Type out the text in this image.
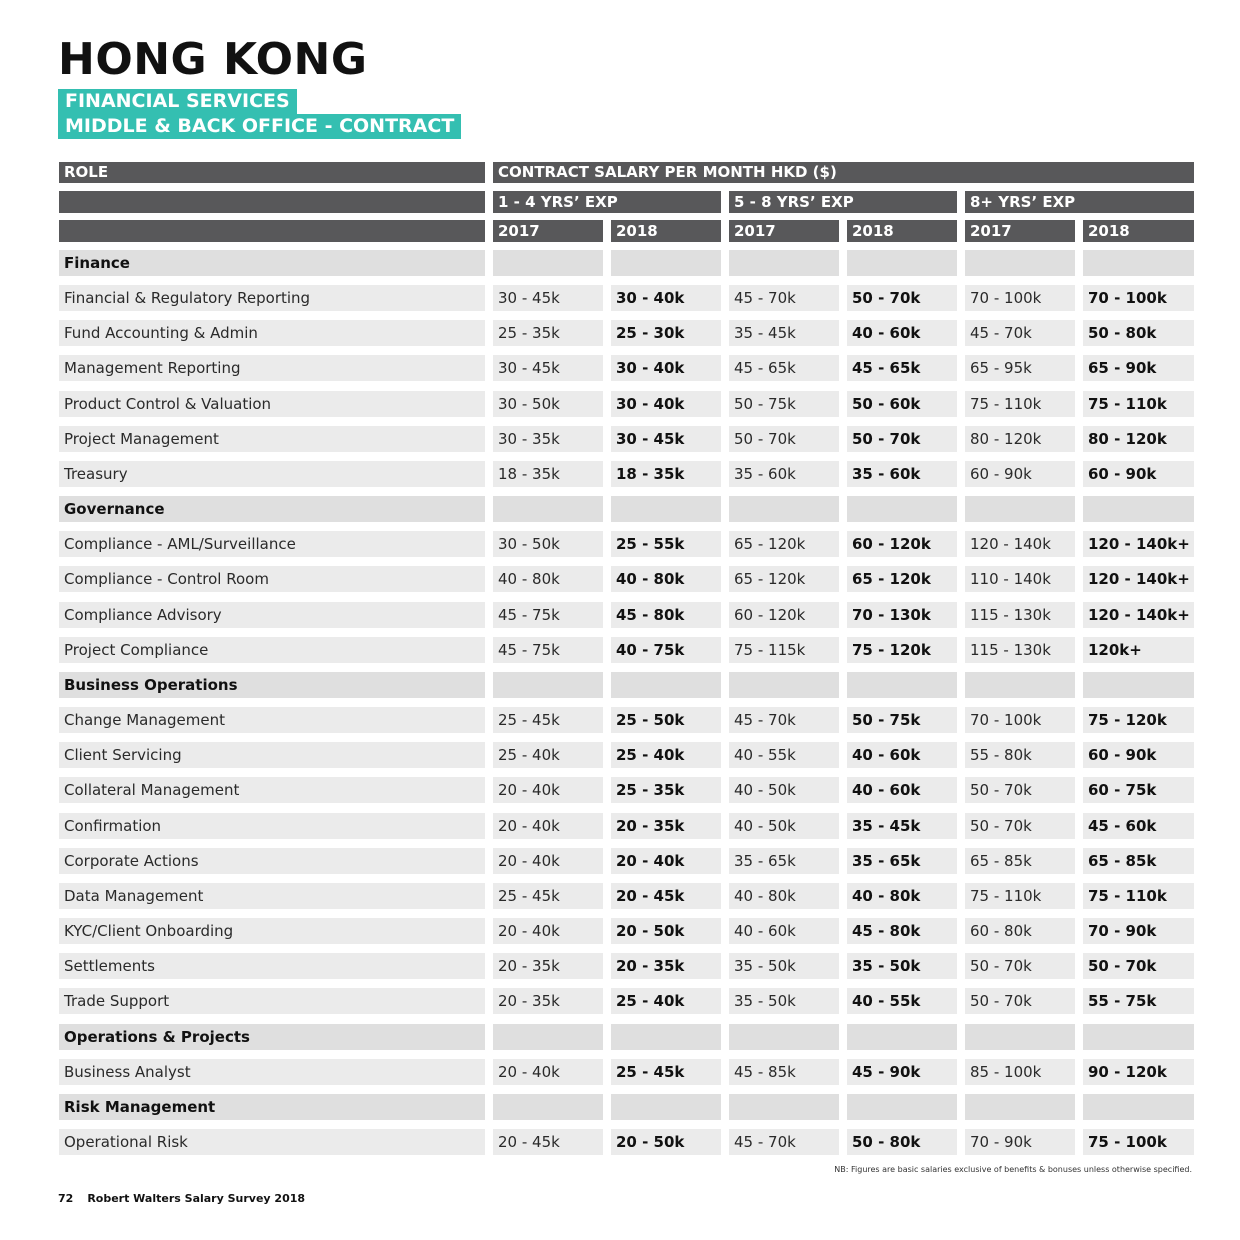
HONG KONG
FINANCIAL SERVICES
MIDDLE & BACK OFFICE - CONTRACT
ROLE	CONTRACT SALARY PER MONTH HKD ($)
1 - 4 YRS’ EXP	5 - 8 YRS’ EXP	8+ YRS’ EXP
2017	2018	2017	2018	2017	2018
Finance
Financial & Regulatory Reporting	30 - 45k	30 - 40k	45 - 70k	50 - 70k	70 - 100k	70 - 100k
Fund Accounting & Admin	25 - 35k	25 - 30k	35 - 45k	40 - 60k	45 - 70k	50 - 80k
Management Reporting	30 - 45k	30 - 40k	45 - 65k	45 - 65k	65 - 95k	65 - 90k
Product Control & Valuation	30 - 50k	30 - 40k	50 - 75k	50 - 60k	75 - 110k	75 - 110k
Project Management	30 - 35k	30 - 45k	50 - 70k	50 - 70k	80 - 120k	80 - 120k
Treasury	18 - 35k	18 - 35k	35 - 60k	35 - 60k	60 - 90k	60 - 90k
Governance
Compliance - AML/Surveillance	30 - 50k	25 - 55k	65 - 120k	60 - 120k	120 - 140k	120 - 140k+
Compliance - Control Room	40 - 80k	40 - 80k	65 - 120k	65 - 120k	110 - 140k	120 - 140k+
Compliance Advisory	45 - 75k	45 - 80k	60 - 120k	70 - 130k	115 - 130k	120 - 140k+
Project Compliance	45 - 75k	40 - 75k	75 - 115k	75 - 120k	115 - 130k	120k+
Business Operations
Change Management	25 - 45k	25 - 50k	45 - 70k	50 - 75k	70 - 100k	75 - 120k
Client Servicing	25 - 40k	25 - 40k	40 - 55k	40 - 60k	55 - 80k	60 - 90k
Collateral Management	20 - 40k	25 - 35k	40 - 50k	40 - 60k	50 - 70k	60 - 75k
Confirmation	20 - 40k	20 - 35k	40 - 50k	35 - 45k	50 - 70k	45 - 60k
Corporate Actions	20 - 40k	20 - 40k	35 - 65k	35 - 65k	65 - 85k	65 - 85k
Data Management	25 - 45k	20 - 45k	40 - 80k	40 - 80k	75 - 110k	75 - 110k
KYC/Client Onboarding	20 - 40k	20 - 50k	40 - 60k	45 - 80k	60 - 80k	70 - 90k
Settlements	20 - 35k	20 - 35k	35 - 50k	35 - 50k	50 - 70k	50 - 70k
Trade Support	20 - 35k	25 - 40k	35 - 50k	40 - 55k	50 - 70k	55 - 75k
Operations & Projects
Business Analyst	20 - 40k	25 - 45k	45 - 85k	45 - 90k	85 - 100k	90 - 120k
Risk Management
Operational Risk	20 - 45k	20 - 50k	45 - 70k	50 - 80k	70 - 90k	75 - 100k
NB: Figures are basic salaries exclusive of benefits & bonuses unless otherwise specified.
72 Robert Walters Salary Survey 2018
